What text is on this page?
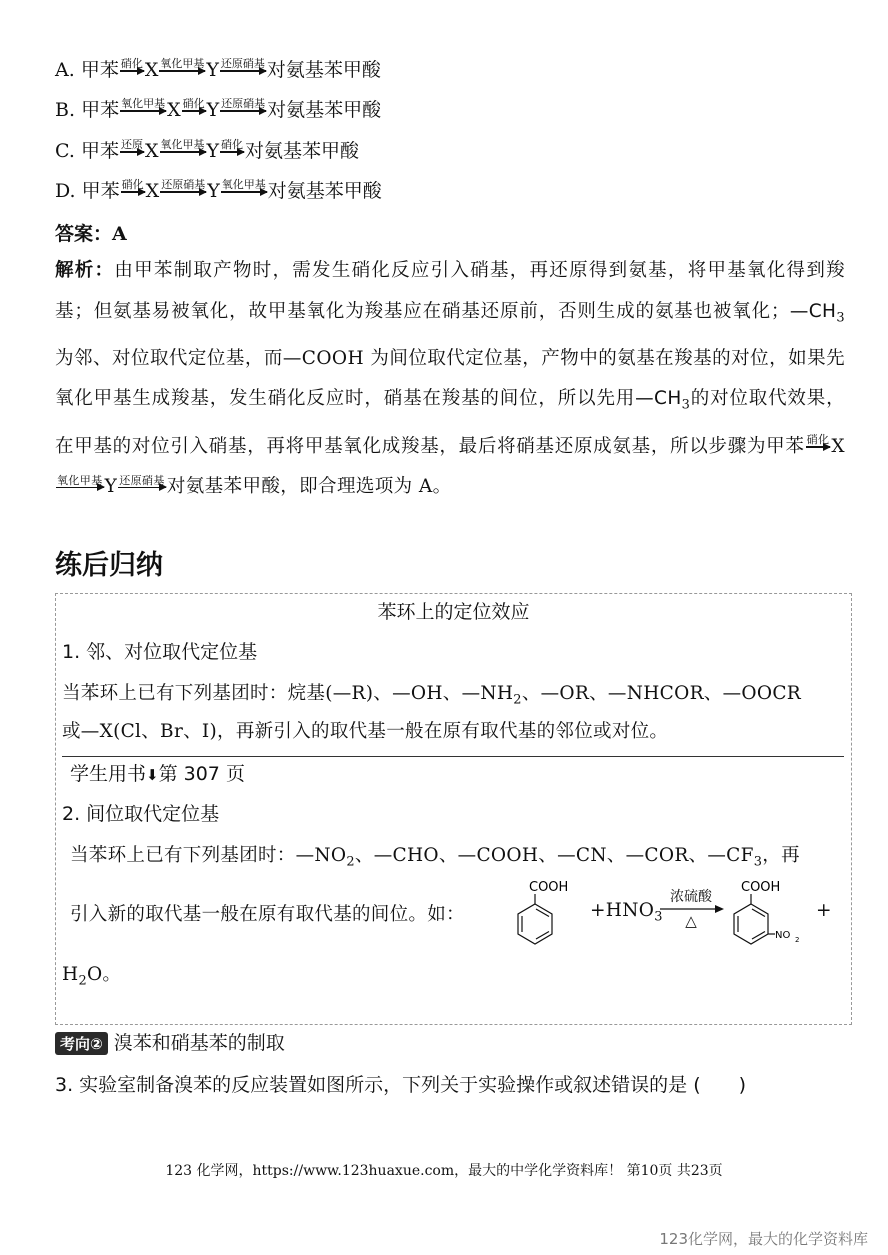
A. 甲苯 硝化 X 氧化甲基 Y 还原硝基 对氨基苯甲酸
B. 甲苯 氧化甲基 X 硝化 Y 还原硝基 对氨基苯甲酸
C. 甲苯 还原 X 氧化甲基 Y 硝化 对氨基苯甲酸
D. 甲苯 硝化 X 还原硝基 Y 氧化甲基 对氨基苯甲酸
答案：A
解析：由甲苯制取产物时，需发生硝化反应引入硝基，再还原得到氨基，将甲基氧化得到羧基；但氨基易被氧化，故甲基氧化为羧基应在硝基还原前，否则生成的氨基也被氧化；$—CH_3$为邻、对位取代定位基，而—COOH 为间位取代定位基，产物中的氨基在羧基的对位，如果先氧化甲基生成羧基，发生硝化反应时，硝基在羧基的间位，所以先用$—CH_3$的对位取代效果，在甲基的对位引入硝基，再将甲基氧化成羧基，最后将硝基还原成氨基，所以步骤为甲苯 硝化 X
氧化甲基 Y 还原硝基 对氨基苯甲酸，即合理选项为 A。
练后归纳
苯环上的定位效应
1. 邻、对位取代定位基
当苯环上已有下列基团时：烷基(—R)、—OH、$—NH_2$、—OR、—NHCOR、—OOCR
或—X(Cl、Br、I)，再新引入的取代基一般在原有取代基的邻位或对位。
学生用书⬇第 307 页
2. 间位取代定位基
当苯环上已有下列基团时：$—NO_2$、—CHO、—COOH、—CN、—COR、$—CF_3$，再
引入新的取代基一般在原有取代基的间位。如：
COOH
$+HNO_3$
浓硫酸
△
COOH
NO 2
+
$H_2O$。
考向② 溴苯和硝基苯的制取
3. 实验室制备溴苯的反应装置如图所示，下列关于实验操作或叙述错误的是 (　　)
123 化学网，https://www.123huaxue.com，最大的中学化学资料库！ 第10页 共23页
123化学网，最大的化学资料库
